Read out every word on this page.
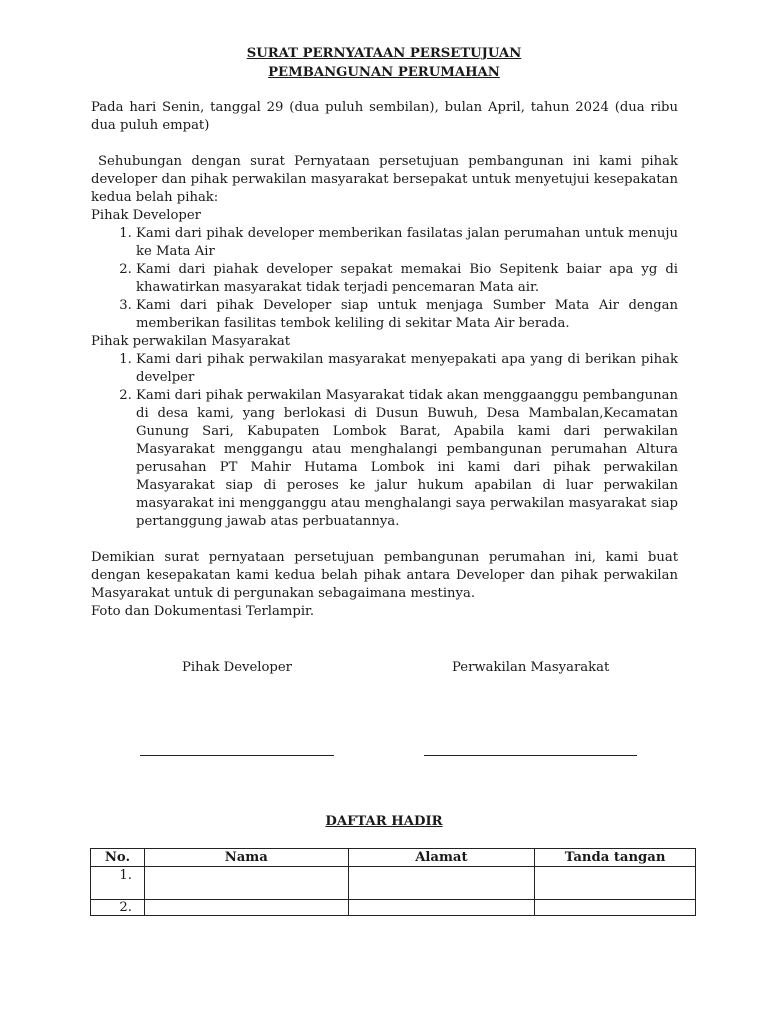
SURAT PERNYATAAN PERSETUJUAN
PEMBANGUNAN PERUMAHAN

Pada hari Senin, tanggal 29 (dua puluh sembilan), bulan April, tahun 2024 (dua ribu dua puluh empat)

Sehubungan dengan surat Pernyataan persetujuan pembangunan ini kami pihak developer dan pihak perwakilan masyarakat bersepakat untuk menyetujui kesepakatan kedua belah pihak:

Pihak Developer

1. Kami dari pihak developer memberikan fasilatas jalan perumahan untuk menuju ke Mata Air
2. Kami dari piahak developer sepakat memakai Bio Sepitenk baiar apa yg di khawatirkan masyarakat tidak terjadi pencemaran Mata air.
3. Kami dari pihak Developer siap untuk menjaga Sumber Mata Air dengan memberikan fasilitas tembok keliling di sekitar Mata Air berada.

Pihak perwakilan Masyarakat

1. Kami dari pihak perwakilan masyarakat menyepakati apa yang di berikan pihak develper
2. Kami dari pihak perwakilan Masyarakat tidak akan menggaanggu pembangunan di desa kami, yang berlokasi di Dusun Buwuh, Desa Mambalan,Kecamatan Gunung Sari, Kabupaten Lombok Barat, Apabila kami dari perwakilan Masyarakat menggangu atau menghalangi pembangunan perumahan Altura perusahan PT Mahir Hutama Lombok ini kami dari pihak perwakilan Masyarakat siap di peroses ke jalur hukum apabilan di luar perwakilan masyarakat ini mengganggu atau menghalangi saya perwakilan masyarakat siap pertanggung jawab atas perbuatannya.

Demikian surat pernyataan persetujuan pembangunan perumahan ini, kami buat dengan kesepakatan kami kedua belah pihak antara Developer dan pihak perwakilan Masyarakat untuk di pergunakan sebagaimana mestinya.

Foto dan Dokumentasi Terlampir.

Pihak Developer	Perwakilan Masyarakat
DAFTAR HADIR
No.	Nama	Alamat	Tanda tangan
1.			
2.			
